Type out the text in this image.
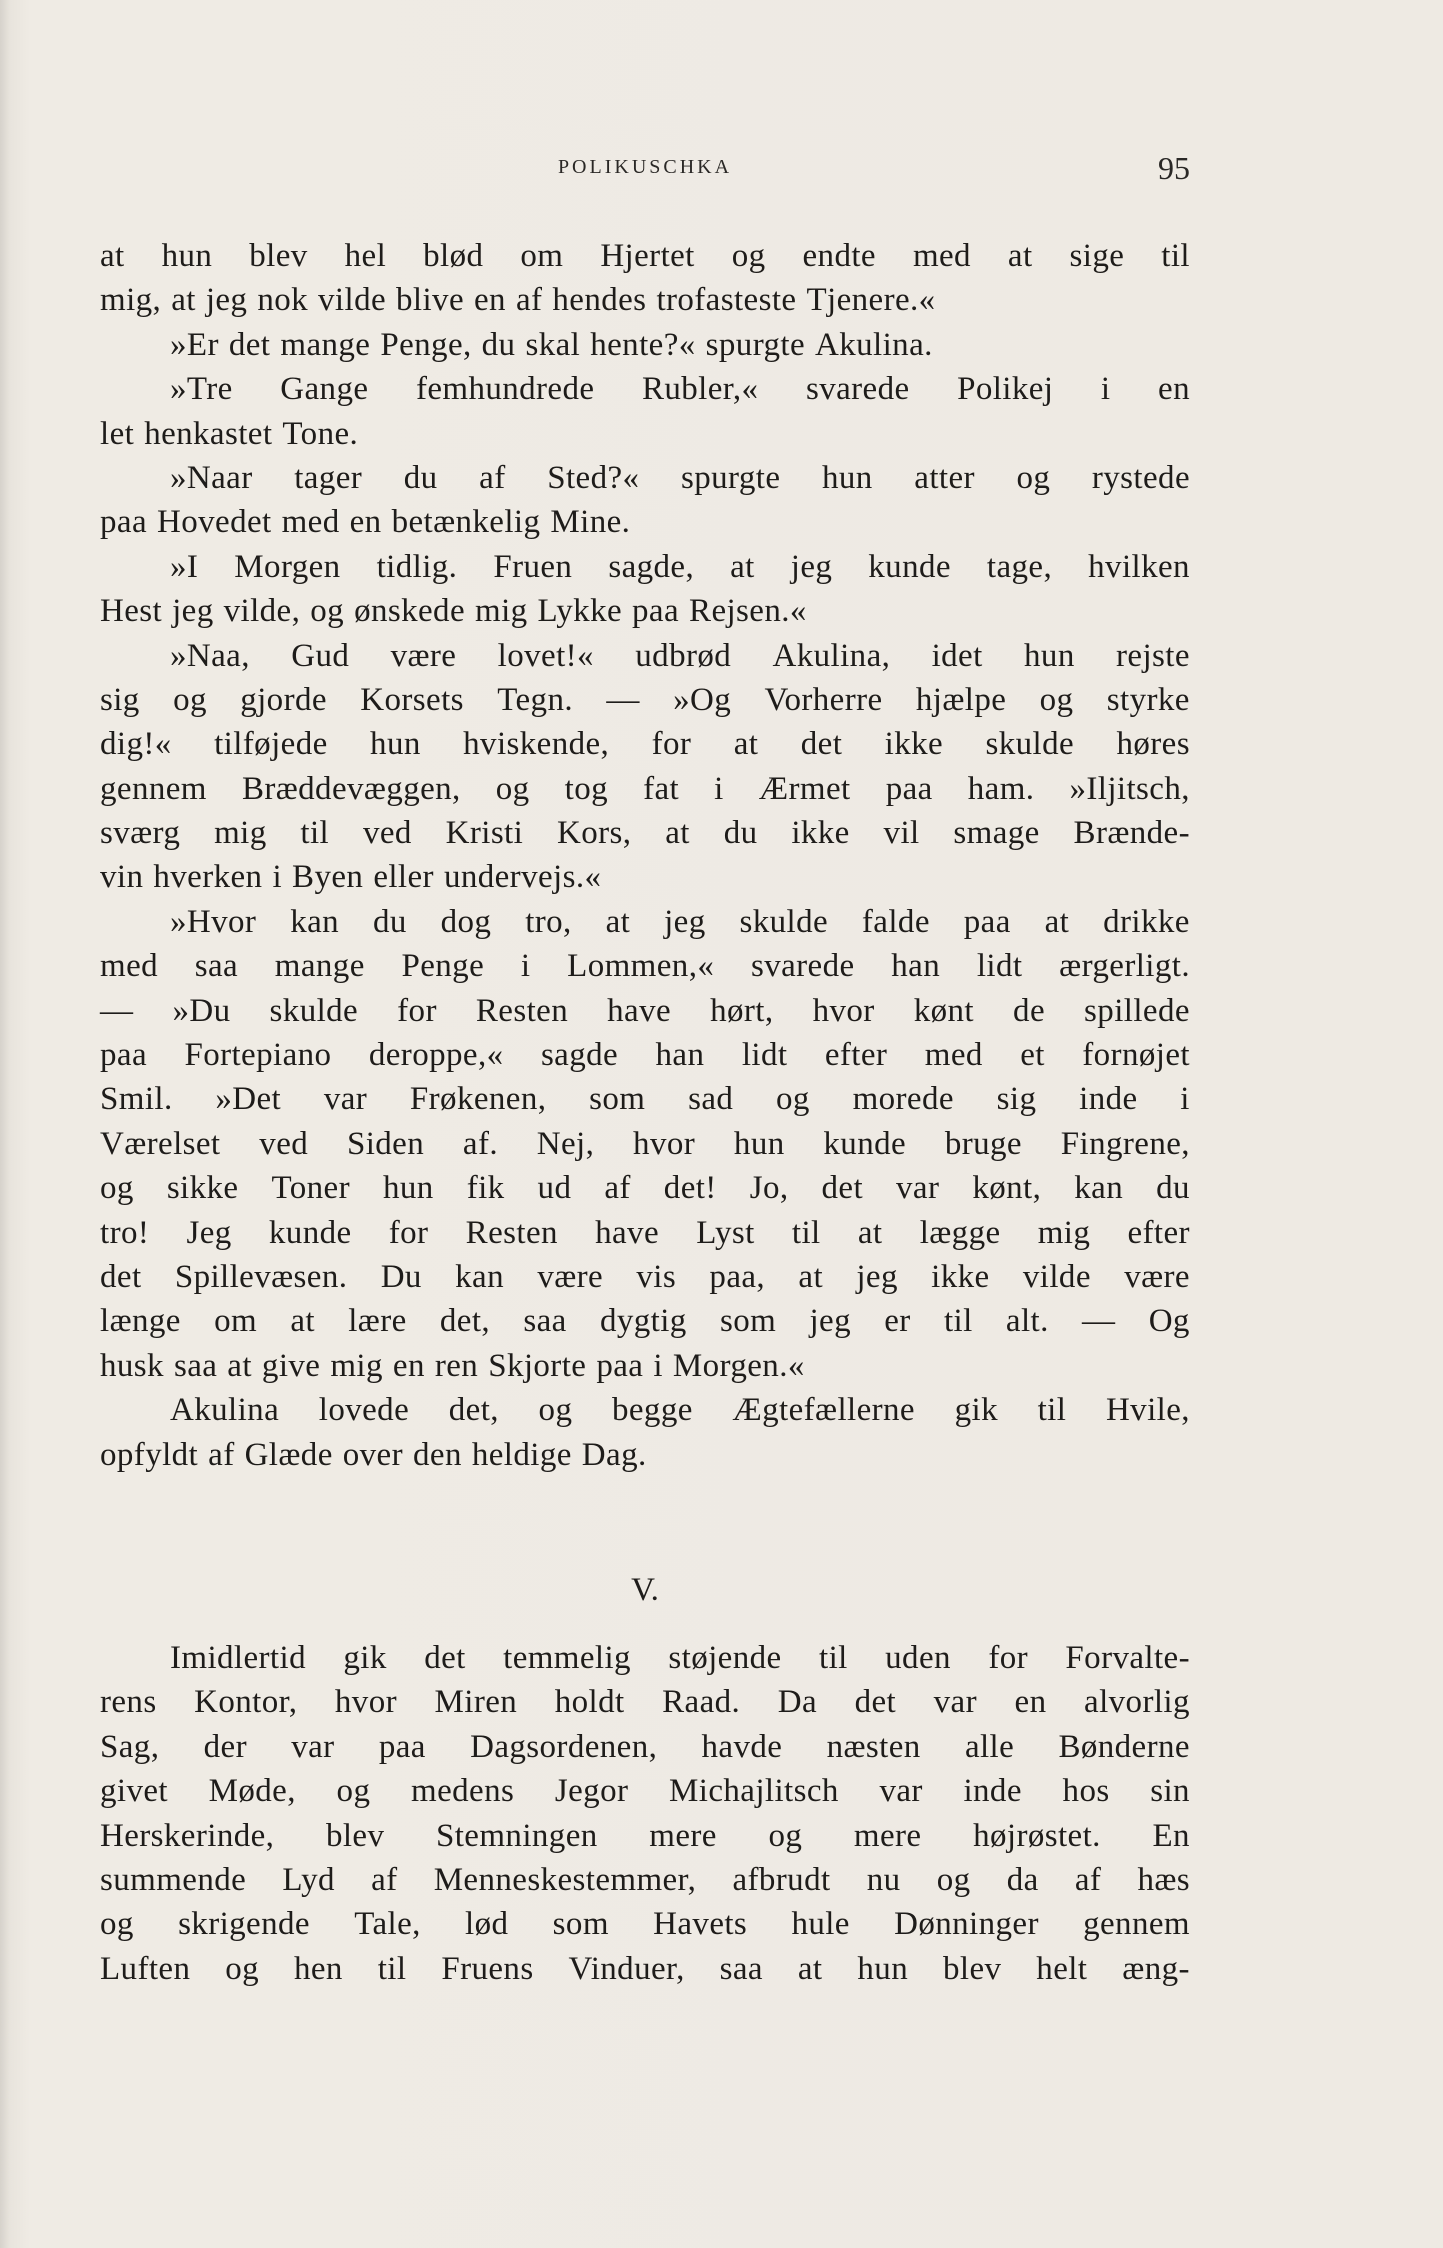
POLIKUSCHKA	95
at hun blev hel blød om Hjertet og endte med at sige til
mig, at jeg nok vilde blive en af hendes trofasteste Tjenere.«
»Er det mange Penge, du skal hente?« spurgte Akulina.
»Tre Gange femhundrede Rubler,« svarede Polikej i en
let henkastet Tone.
»Naar tager du af Sted?« spurgte hun atter og rystede
paa Hovedet med en betænkelig Mine.
»I Morgen tidlig. Fruen sagde, at jeg kunde tage, hvilken
Hest jeg vilde, og ønskede mig Lykke paa Rejsen.«
»Naa, Gud være lovet!« udbrød Akulina, idet hun rejste
sig og gjorde Korsets Tegn. — »Og Vorherre hjælpe og styrke
dig!« tilføjede hun hviskende, for at det ikke skulde høres
gennem Bræddevæggen, og tog fat i Ærmet paa ham. »Iljitsch,
sværg mig til ved Kristi Kors, at du ikke vil smage Brænde-
vin hverken i Byen eller undervejs.«
»Hvor kan du dog tro, at jeg skulde falde paa at drikke
med saa mange Penge i Lommen,« svarede han lidt ærgerligt.
— »Du skulde for Resten have hørt, hvor kønt de spillede
paa Fortepiano deroppe,« sagde han lidt efter med et fornøjet
Smil. »Det var Frøkenen, som sad og morede sig inde i
Værelset ved Siden af. Nej, hvor hun kunde bruge Fingrene,
og sikke Toner hun fik ud af det! Jo, det var kønt, kan du
tro! Jeg kunde for Resten have Lyst til at lægge mig efter
det Spillevæsen. Du kan være vis paa, at jeg ikke vilde være
længe om at lære det, saa dygtig som jeg er til alt. — Og
husk saa at give mig en ren Skjorte paa i Morgen.«
Akulina lovede det, og begge Ægtefællerne gik til Hvile,
opfyldt af Glæde over den heldige Dag.
V.
Imidlertid gik det temmelig støjende til uden for Forvalte-
rens Kontor, hvor Miren holdt Raad. Da det var en alvorlig
Sag, der var paa Dagsordenen, havde næsten alle Bønderne
givet Møde, og medens Jegor Michajlitsch var inde hos sin
Herskerinde, blev Stemningen mere og mere højrøstet. En
summende Lyd af Menneskestemmer, afbrudt nu og da af hæs
og skrigende Tale, lød som Havets hule Dønninger gennem
Luften og hen til Fruens Vinduer, saa at hun blev helt æng-
